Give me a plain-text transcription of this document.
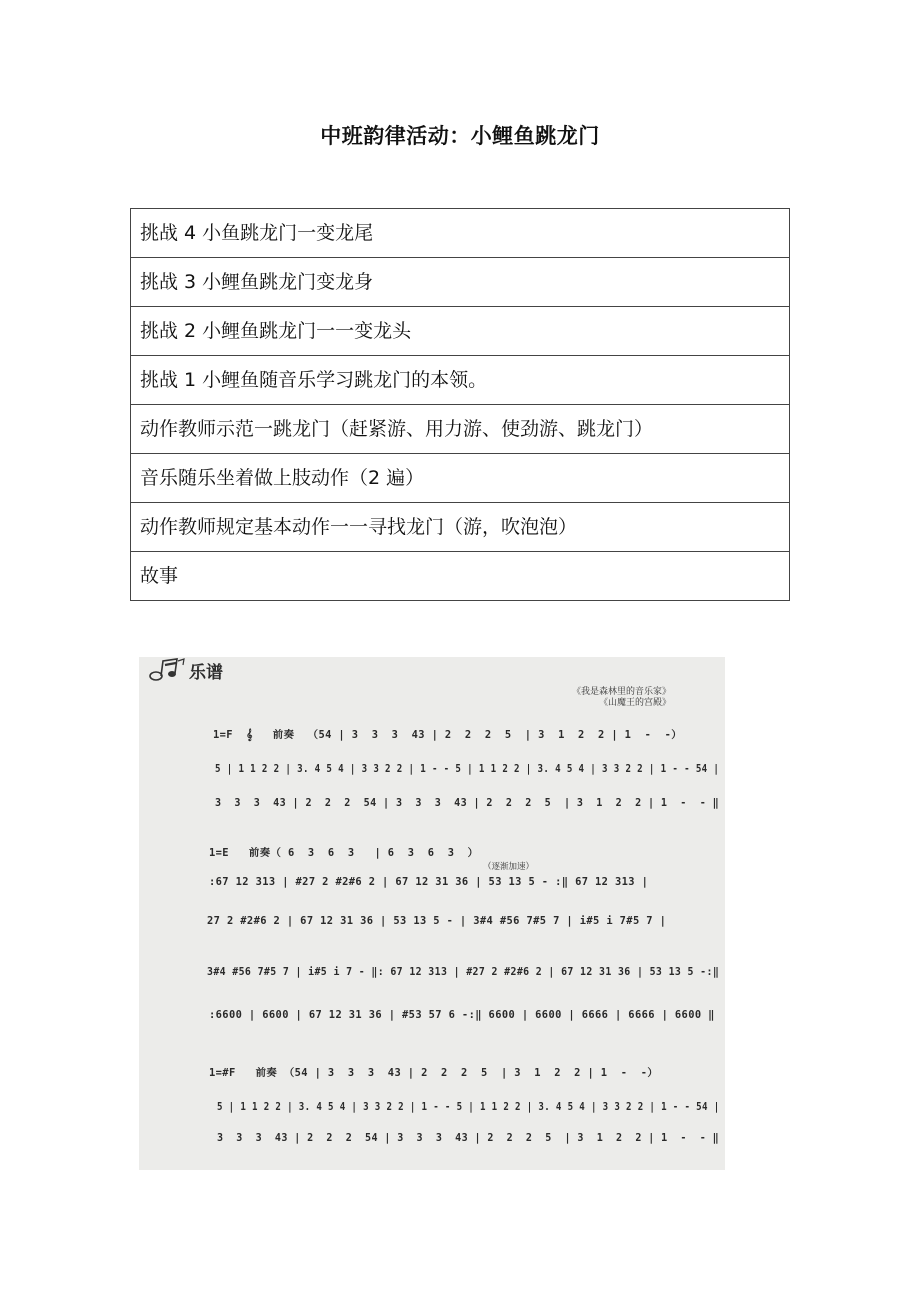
中班韵律活动：小鲤鱼跳龙门
挑战 4 小鱼跳龙门一变龙尾
挑战 3 小鲤鱼跳龙门变龙身
挑战 2 小鲤鱼跳龙门一一变龙头
挑战 1 小鲤鱼随音乐学习跳龙门的本领。
动作教师示范一跳龙门（赶紧游、用力游、使劲游、跳龙门）
音乐随乐坐着做上肢动作（2 遍）
动作教师规定基本动作一一寻找龙门（游，吹泡泡）
故事
乐谱
《我是森林里的音乐家》
《山魔王的宫殿》
1=F  𝄞   前奏  （54 | 3  3  3  43 | 2  2  2  5  | 3  1  2  2 | 1  -  -）
5 | 1 1 2 2 | 3. 4 5 4 | 3 3 2 2 | 1 - - 5 | 1 1 2 2 | 3. 4 5 4 | 3 3 2 2 | 1 - - 54 |
3  3  3  43 | 2  2  2  54 | 3  3  3  43 | 2  2  2  5  | 3  1  2  2 | 1  -  - ‖
1=E   前奏（ 6  3  6  3   | 6  3  6  3  ）
（逐渐加速）
:67 12 313 | #27 2 #2#6 2 | 67 12 31 36 | 53 13 5 - :‖ 67 12 313 |
27 2 #2#6 2 | 67 12 31 36 | 53 13 5 - | 3#4 #56 7#5 7 | i#5 i 7#5 7 |
3#4 #56 7#5 7 | i#5 i 7 - ‖: 67 12 313 | #27 2 #2#6 2 | 67 12 31 36 | 53 13 5 -:‖
:6600 | 6600 | 67 12 31 36 | #53 57 6 -:‖ 6600 | 6600 | 6666 | 6666 | 6600 ‖
1=#F   前奏 （54 | 3  3  3  43 | 2  2  2  5  | 3  1  2  2 | 1  -  -）
5 | 1 1 2 2 | 3. 4 5 4 | 3 3 2 2 | 1 - - 5 | 1 1 2 2 | 3. 4 5 4 | 3 3 2 2 | 1 - - 54 |
3  3  3  43 | 2  2  2  54 | 3  3  3  43 | 2  2  2  5  | 3  1  2  2 | 1  -  - ‖
